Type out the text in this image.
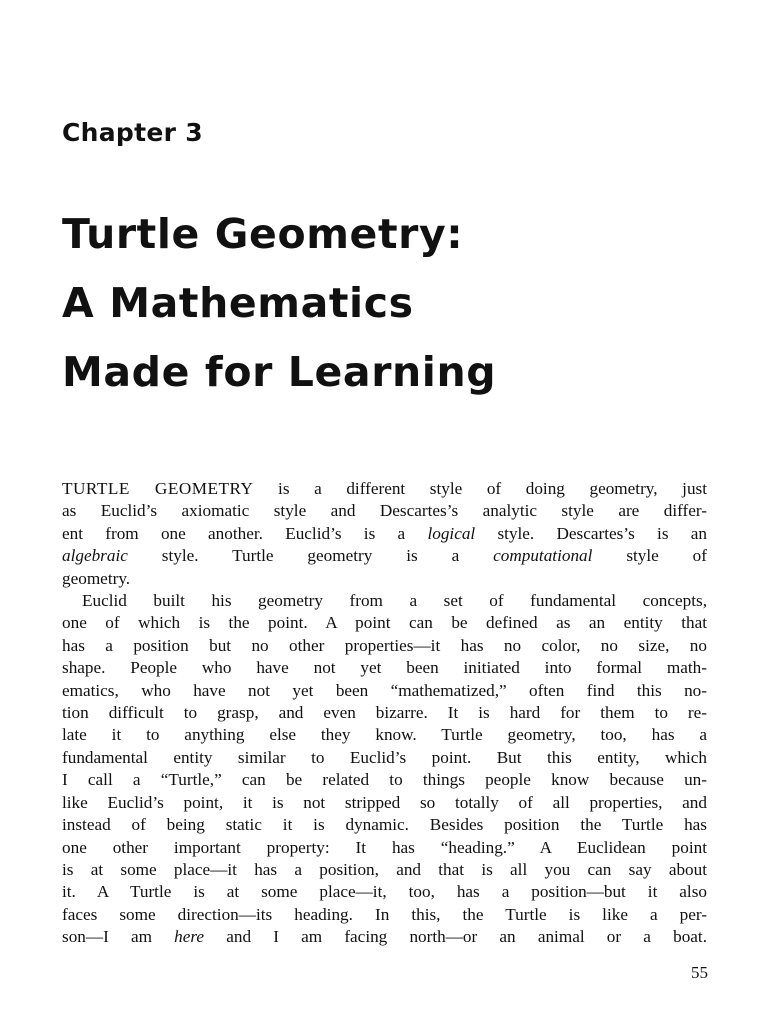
Chapter 3
Turtle Geometry:
A Mathematics
Made for Learning

TURTLE GEOMETRY is a different style of doing geometry, just
as Euclid’s axiomatic style and Descartes’s analytic style are differ-
ent from one another. Euclid’s is a logical style. Descartes’s is an
algebraic style. Turtle geometry is a computational style of
geometry.

Euclid built his geometry from a set of fundamental concepts,
one of which is the point. A point can be defined as an entity that
has a position but no other properties—it has no color, no size, no
shape. People who have not yet been initiated into formal math-
ematics, who have not yet been “mathematized,” often find this no-
tion difficult to grasp, and even bizarre. It is hard for them to re-
late it to anything else they know. Turtle geometry, too, has a
fundamental entity similar to Euclid’s point. But this entity, which
I call a “Turtle,” can be related to things people know because un-
like Euclid’s point, it is not stripped so totally of all properties, and
instead of being static it is dynamic. Besides position the Turtle has
one other important property: It has “heading.” A Euclidean point
is at some place—it has a position, and that is all you can say about
it. A Turtle is at some place—it, too, has a position—but it also
faces some direction—its heading. In this, the Turtle is like a per-
son—I am here and I am facing north—or an animal or a boat.

55
